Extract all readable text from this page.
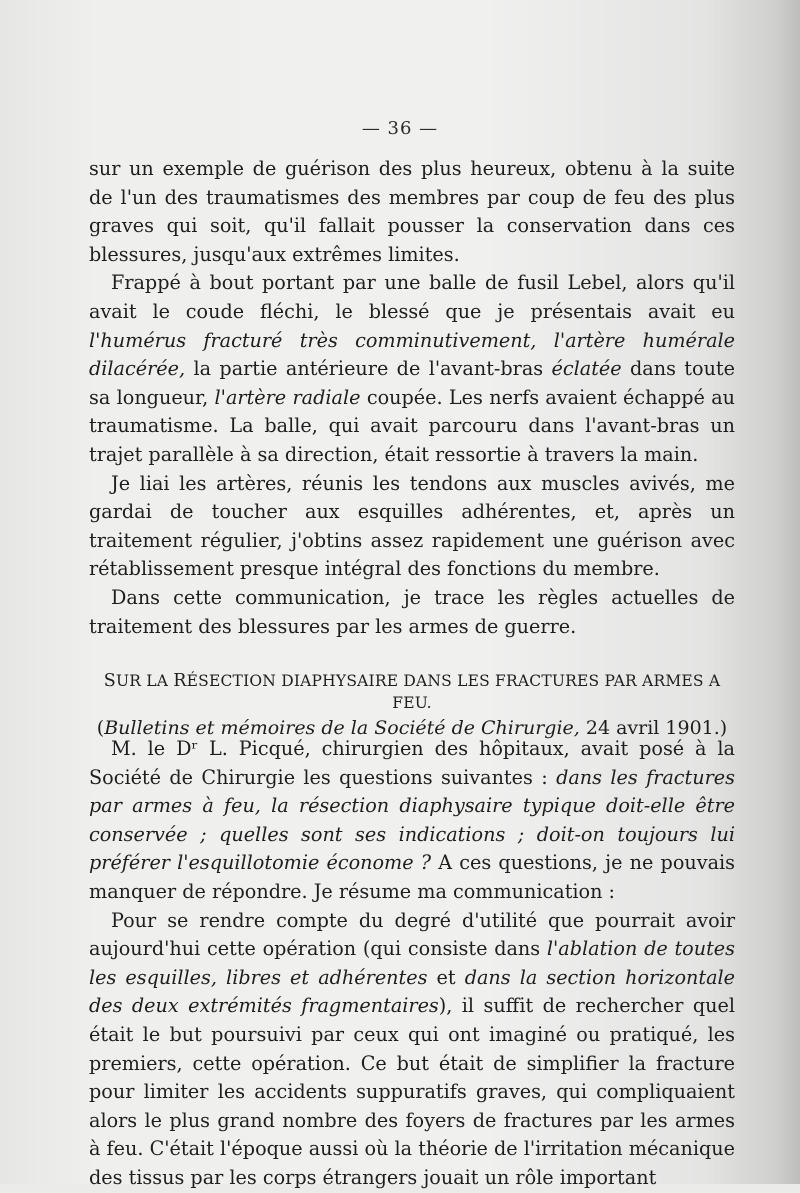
— 36 —

sur un exemple de guérison des plus heureux, obtenu à la suite de l'un des traumatismes des membres par coup de feu des plus graves qui soit, qu'il fallait pousser la conservation dans ces blessures, jusqu'aux extrêmes limites.

Frappé à bout portant par une balle de fusil Lebel, alors qu'il avait le coude fléchi, le blessé que je présentais avait eu l'humérus fracturé très comminutivement, l'artère humérale dilacérée, la partie antérieure de l'avant-bras éclatée dans toute sa longueur, l'artère radiale coupée. Les nerfs avaient échappé au traumatisme. La balle, qui avait parcouru dans l'avant-bras un trajet parallèle à sa direction, était ressortie à travers la main.

Je liai les artères, réunis les tendons aux muscles avivés, me gardai de toucher aux esquilles adhérentes, et, après un traitement régulier, j'obtins assez rapidement une guérison avec rétablissement presque intégral des fonctions du membre.

Dans cette communication, je trace les règles actuelles de traitement des blessures par les armes de guerre.

SUR LA RÉSECTION DIAPHYSAIRE DANS LES FRACTURES PAR ARMES A FEU.

(Bulletins et mémoires de la Société de Chirurgie, 24 avril 1901.)

M. le Dʳ L. Picqué, chirurgien des hôpitaux, avait posé à la Société de Chirurgie les questions suivantes : dans les fractures par armes à feu, la résection diaphysaire typique doit-elle être conservée ; quelles sont ses indications ; doit-on toujours lui préférer l'esquillotomie économe ? A ces questions, je ne pouvais manquer de répondre. Je résume ma communication :

Pour se rendre compte du degré d'utilité que pourrait avoir aujourd'hui cette opération (qui consiste dans l'ablation de toutes les esquilles, libres et adhérentes et dans la section horizontale des deux extrémités fragmentaires), il suffit de rechercher quel était le but poursuivi par ceux qui ont imaginé ou pratiqué, les premiers, cette opération. Ce but était de simplifier la fracture pour limiter les accidents suppuratifs graves, qui compliquaient alors le plus grand nombre des foyers de fractures par les armes à feu. C'était l'époque aussi où la théorie de l'irritation mécanique des tissus par les corps étrangers jouait un rôle important
